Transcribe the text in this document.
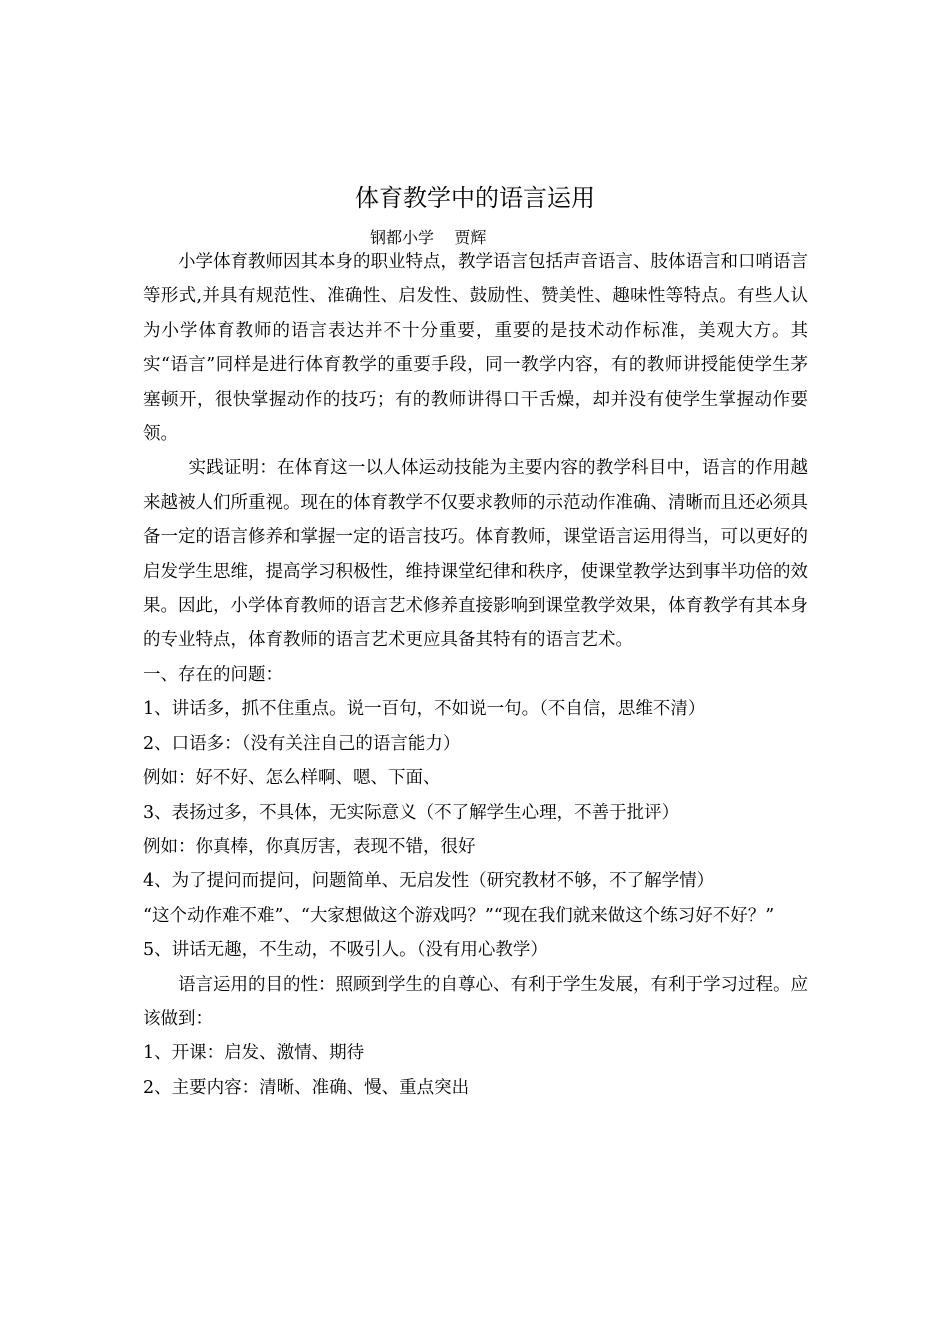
体育教学中的语言运用
钢都小学 贾辉

小学体育教师因其本身的职业特点，教学语言包括声音语言、肢体语言和口哨语言等形式,并具有规范性、准确性、启发性、鼓励性、赞美性、趣味性等特点。有些人认为小学体育教师的语言表达并不十分重要，重要的是技术动作标准，美观大方。其实“语言”同样是进行体育教学的重要手段，同一教学内容，有的教师讲授能使学生茅塞顿开，很快掌握动作的技巧；有的教师讲得口干舌燥，却并没有使学生掌握动作要领。

实践证明：在体育这一以人体运动技能为主要内容的教学科目中，语言的作用越来越被人们所重视。现在的体育教学不仅要求教师的示范动作准确、清晰而且还必须具备一定的语言修养和掌握一定的语言技巧。体育教师，课堂语言运用得当，可以更好的启发学生思维，提高学习积极性，维持课堂纪律和秩序，使课堂教学达到事半功倍的效果。因此，小学体育教师的语言艺术修养直接影响到课堂教学效果，体育教学有其本身的专业特点，体育教师的语言艺术更应具备其特有的语言艺术。

一、存在的问题：

1、讲话多，抓不住重点。说一百句，不如说一句。（不自信，思维不清）

2、口语多：（没有关注自己的语言能力）

例如：好不好、怎么样啊、嗯、下面、

3、表扬过多，不具体，无实际意义（不了解学生心理，不善于批评）

例如：你真棒，你真厉害，表现不错，很好

4、为了提问而提问，问题简单、无启发性（研究教材不够，不了解学情）

“这个动作难不难”、“大家想做这个游戏吗？”“现在我们就来做这个练习好不好？”

5、讲话无趣，不生动，不吸引人。（没有用心教学）

语言运用的目的性：照顾到学生的自尊心、有利于学生发展，有利于学习过程。应该做到：

1、开课：启发、激情、期待

2、主要内容：清晰、准确、慢、重点突出
